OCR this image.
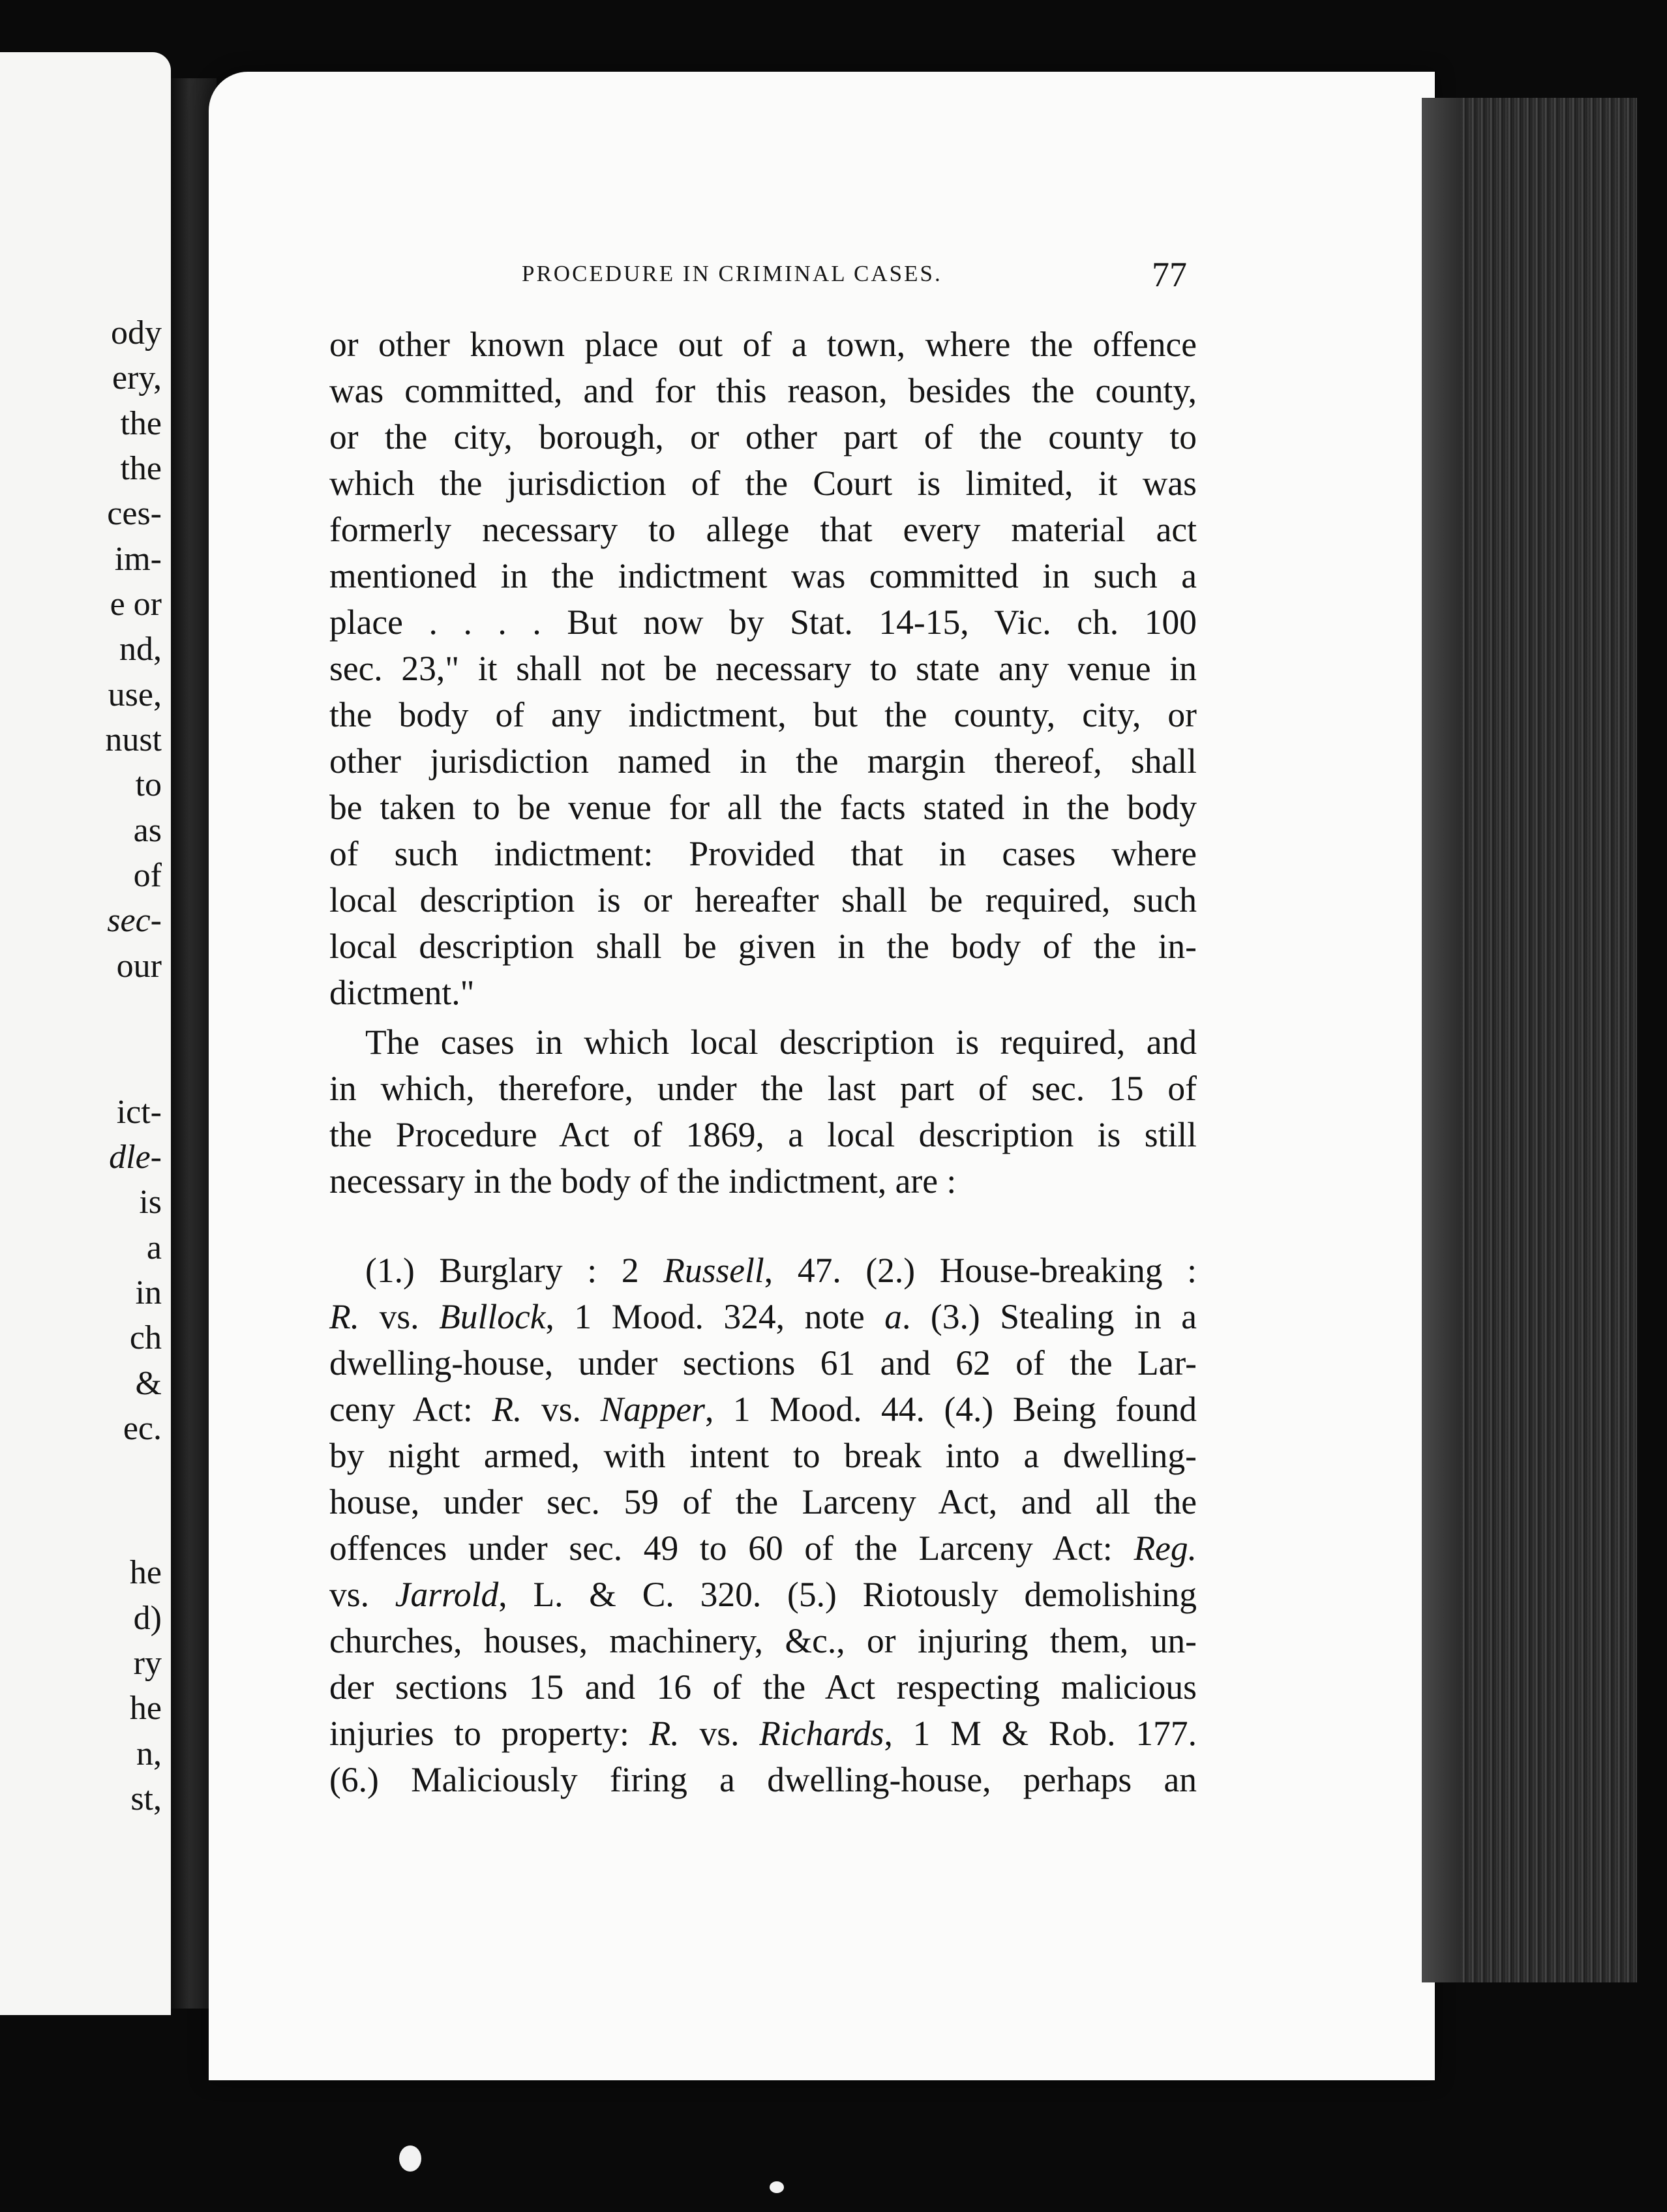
ody
ery,
the
the
ces-
im-
e or
nd,
use,
nust
to
as
of
sec-
our
ict-
dle-
is
a
in
ch
&
ec.
he
d)
ry
he
n,
st,
PROCEDURE IN CRIMINAL CASES.	77
or other known place out of a town, where the offence
was committed, and for this reason, besides the county,
or the city, borough, or other part of the county to
which the jurisdiction of the Court is limited, it was
formerly necessary to allege that every material act
mentioned in the indictment was committed in such a
place . . . . But now by Stat. 14-15, Vic. ch. 100
sec. 23," it shall not be necessary to state any venue in
the body of any indictment, but the county, city, or
other jurisdiction named in the margin thereof, shall
be taken to be venue for all the facts stated in the body
of such indictment: Provided that in cases where
local description is or hereafter shall be required, such
local description shall be given in the body of the in-
dictment."
The cases in which local description is required, and
in which, therefore, under the last part of sec. 15 of
the Procedure Act of 1869, a local description is still
necessary in the body of the indictment, are :
(1.) Burglary : 2 Russell, 47. (2.) House-breaking :
R. vs. Bullock, 1 Mood. 324, note a. (3.) Stealing in a
dwelling-house, under sections 61 and 62 of the Lar-
ceny Act: R. vs. Napper, 1 Mood. 44. (4.) Being found
by night armed, with intent to break into a dwelling-
house, under sec. 59 of the Larceny Act, and all the
offences under sec. 49 to 60 of the Larceny Act: Reg.
vs. Jarrold, L. & C. 320. (5.) Riotously demolishing
churches, houses, machinery, &c., or injuring them, un-
der sections 15 and 16 of the Act respecting malicious
injuries to property: R. vs. Richards, 1 M & Rob. 177.
(6.) Maliciously firing a dwelling-house, perhaps an
